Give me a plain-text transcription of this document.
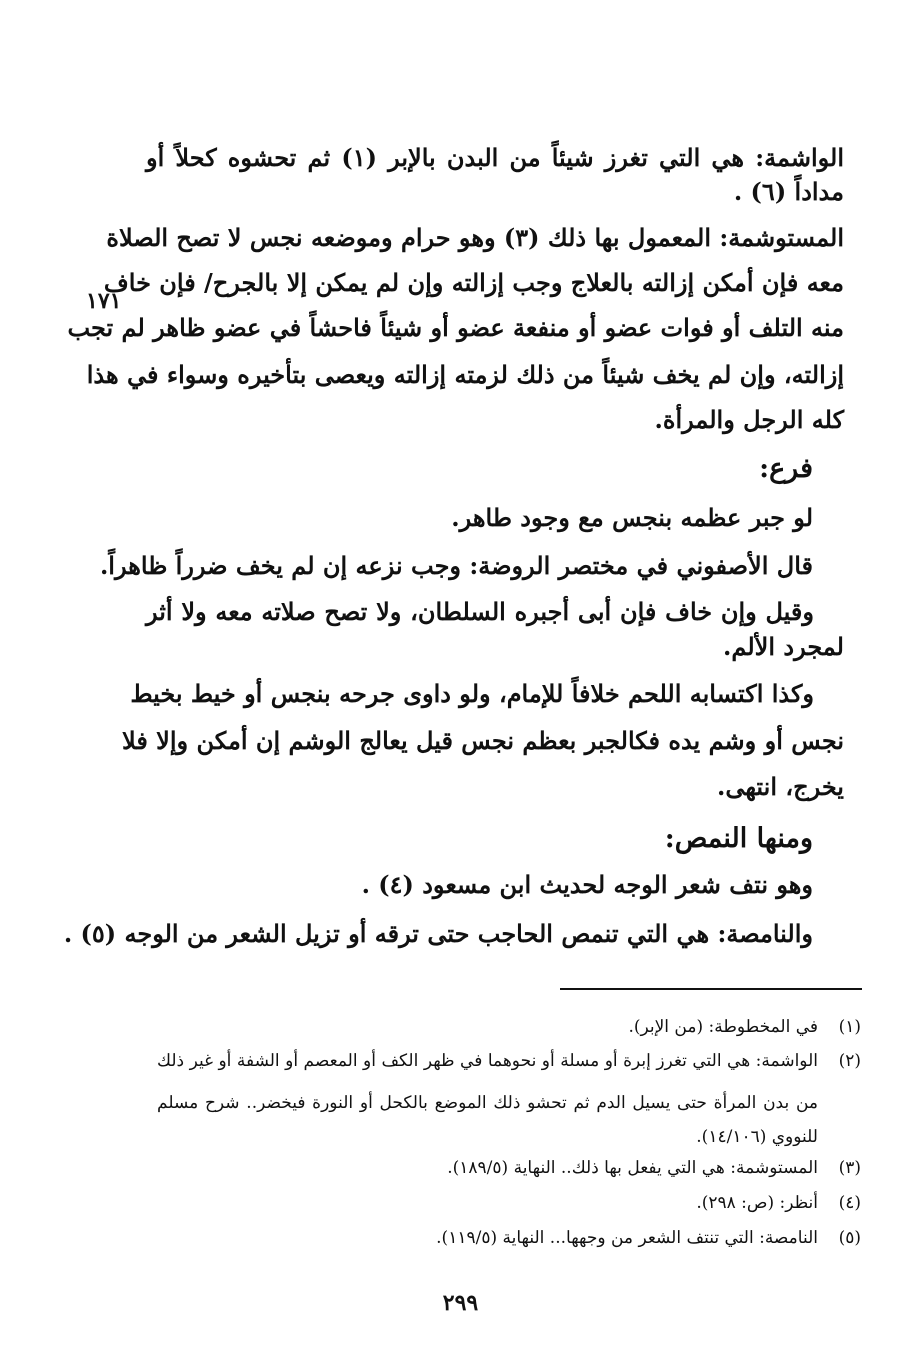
الواشمة: هي التي تغرز شيئاً من البدن بالإبر (١) ثم تحشوه كحلاً أو
مداداً (٦) .
المستوشمة: المعمول بها ذلك (٣) وهو حرام وموضعه نجس لا تصح الصلاة
معه فإن أمكن إزالته بالعلاج وجب إزالته وإن لم يمكن إلا بالجرح/ فإن خاف
١٧١
منه التلف أو فوات عضو أو منفعة عضو أو شيئاً فاحشاً في عضو ظاهر لم تجب
إزالته، وإن لم يخف شيئاً من ذلك لزمته إزالته ويعصى بتأخيره وسواء في هذا
كله الرجل والمرأة.
فرع:
لو جبر عظمه بنجس مع وجود طاهر.
قال الأصفوني في مختصر الروضة: وجب نزعه إن لم يخف ضرراً ظاهراً.
وقيل وإن خاف فإن أبى أجبره السلطان، ولا تصح صلاته معه ولا أثر
لمجرد الألم.
وكذا اكتسابه اللحم خلافاً للإمام، ولو داوى جرحه بنجس أو خيط بخيط
نجس أو وشم يده فكالجبر بعظم نجس قيل يعالج الوشم إن أمكن وإلا فلا
يخرج، انتهى.
ومنها النمص:
وهو نتف شعر الوجه لحديث ابن مسعود (٤) .
والنامصة: هي التي تنمص الحاجب حتى ترقه أو تزيل الشعر من الوجه (٥) .
(١)
في المخطوطة: (من الإبر).
(٢)
الواشمة: هي التي تغرز إبرة أو مسلة أو نحوهما في ظهر الكف أو المعصم أو الشفة أو غير ذلك
من بدن المرأة حتى يسيل الدم ثم تحشو ذلك الموضع بالكحل أو النورة فيخضر.. شرح مسلم
للنووي (١٤/١٠٦).
(٣)
المستوشمة: هي التي يفعل بها ذلك.. النهاية (١٨٩/٥).
(٤)
أنظر: (ص: ٢٩٨).
(٥)
النامصة: التي تنتف الشعر من وجهها... النهاية (١١٩/٥).
٢٩٩
